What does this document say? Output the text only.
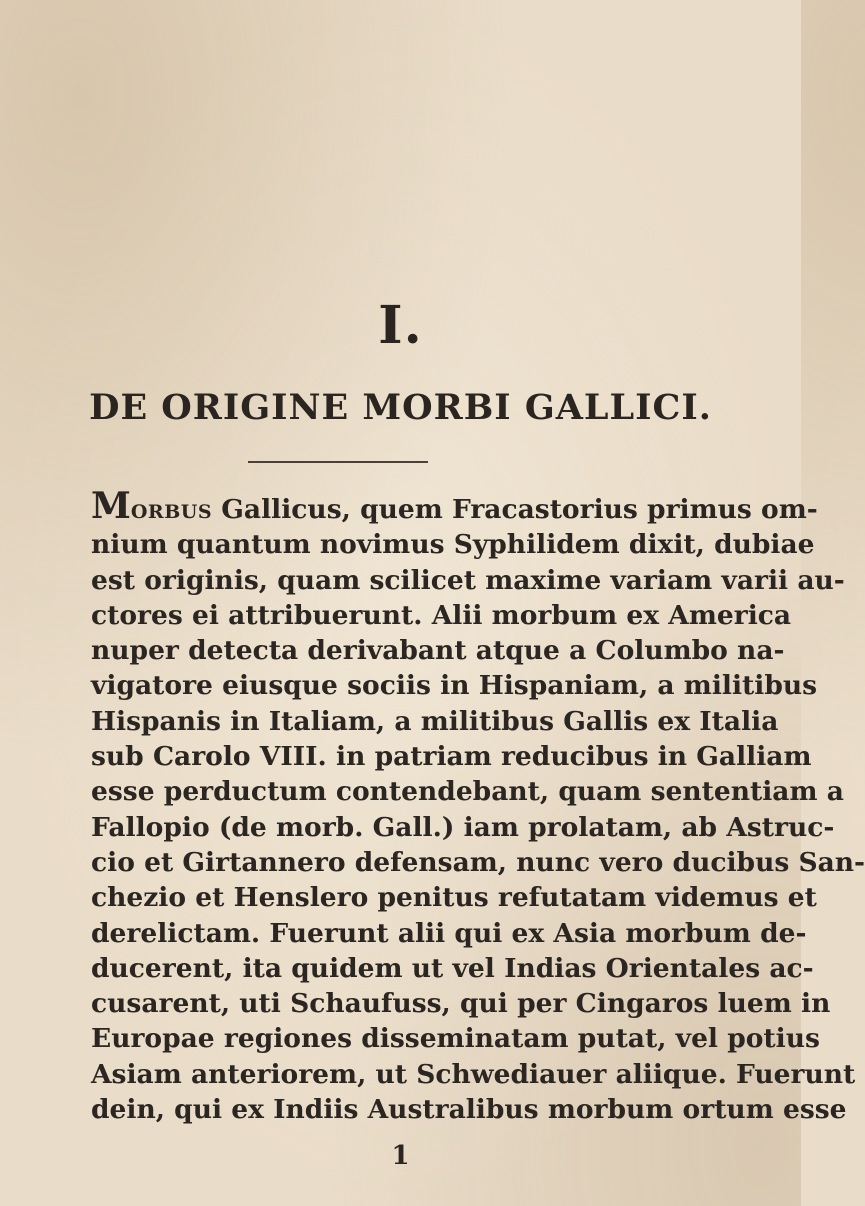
I.
DE ORIGINE MORBI GALLICI.
MORBUS Gallicus, quem Fracastorius primus om-
nium quantum novimus Syphilidem dixit, dubiae
est originis, quam scilicet maxime variam varii au-
ctores ei attribuerunt. Alii morbum ex America
nuper detecta derivabant atque a Columbo na-
vigatore eiusque sociis in Hispaniam, a militibus
Hispanis in Italiam, a militibus Gallis ex Italia
sub Carolo VIII. in patriam reducibus in Galliam
esse perductum contendebant, quam sententiam a
Fallopio (de morb. Gall.) iam prolatam, ab Astruc-
cio et Girtannero defensam, nunc vero ducibus San-
chezio et Henslero penitus refutatam videmus et
derelictam. Fuerunt alii qui ex Asia morbum de-
ducerent, ita quidem ut vel Indias Orientales ac-
cusarent, uti Schaufuss, qui per Cingaros luem in
Europae regiones disseminatam putat, vel potius
Asiam anteriorem, ut Schwediauer aliique. Fuerunt
dein, qui ex Indiis Australibus morbum ortum esse
1
